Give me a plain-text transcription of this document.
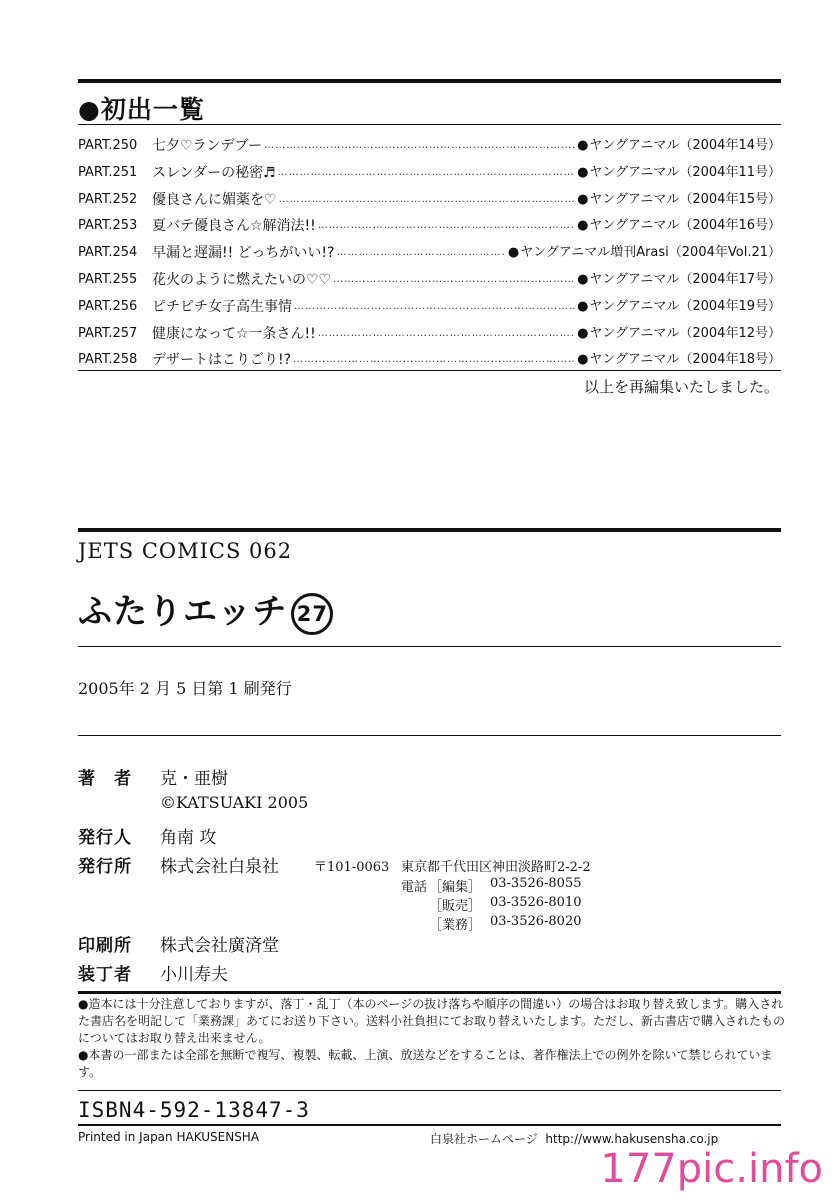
●初出一覧
PART.250	七夕♡ランデブー ……………………………………………………………………………………………………………………………………………………………………………………	● ヤングアニマル（2004年14号）
PART.251	スレンダーの秘密♬ ……………………………………………………………………………………………………………………………………………………………………………………	● ヤングアニマル（2004年11号）
PART.252	優良さんに媚薬を♡ ……………………………………………………………………………………………………………………………………………………………………………………	● ヤングアニマル（2004年15号）
PART.253	夏バテ優良さん☆解消法!! ……………………………………………………………………………………………………………………………………………………………………………………	● ヤングアニマル（2004年16号）
PART.254	早漏と遅漏!! どっちがいい!? ……………………………………………………………………………………………………………………………………………………………………………………	● ヤングアニマル増刊Arasi（2004年Vol.21）
PART.255	花火のように燃えたいの♡♡ ……………………………………………………………………………………………………………………………………………………………………………………	● ヤングアニマル（2004年17号）
PART.256	ピチピチ女子高生事情 ……………………………………………………………………………………………………………………………………………………………………………………	● ヤングアニマル（2004年19号）
PART.257	健康になって☆一条さん!! ……………………………………………………………………………………………………………………………………………………………………………………	● ヤングアニマル（2004年12号）
PART.258	デザートはこりごり!? ……………………………………………………………………………………………………………………………………………………………………………………	● ヤングアニマル（2004年18号）
以上を再編集いたしました。
JETS COMICS 062
ふたりエッチ 27
2005年 2 月 5 日第 1 刷発行
著　者 克・亜樹
©KATSUAKI 2005
発行人 角南 攻
発行所 株式会社白泉社	〒101-0063 東京都千代田区神田淡路町2-2-2
電話 ［編集］ 03-3526-8055
［販売］ 03-3526-8010
［業務］ 03-3526-8020
印刷所 株式会社廣済堂
装丁者 小川寿夫

●造本には十分注意しておりますが、落丁・乱丁（本のページの抜け落ちや順序の間違い）の場合はお取り替え致します。購入された書店名を明記して「業務課」あてにお送り下さい。送料小社負担にてお取り替えいたします。ただし、新古書店で購入されたものについてはお取り替え出来ません。

●本書の一部または全部を無断で複写、複製、転載、上演、放送などをすることは、著作権法上での例外を除いて禁じられています。

ISBN4-592-13847-3
Printed in Japan HAKUSENSHA	白泉社ホームページ http://www.hakusensha.co.jp
177pic.info
